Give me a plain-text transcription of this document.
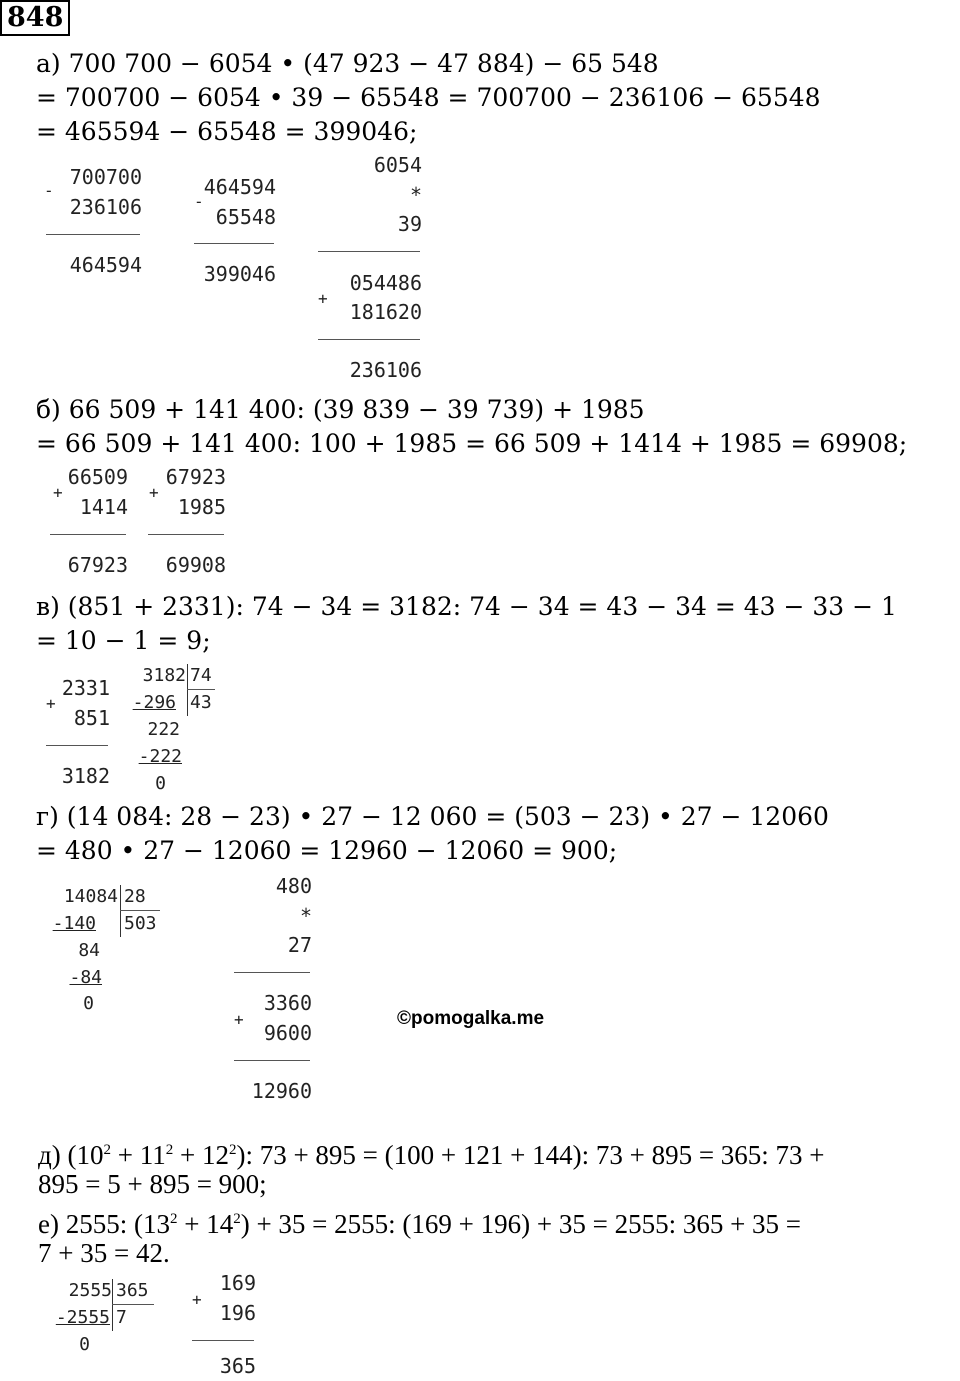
848
а) 700 700 − 6054 • (47 923 − 47 884) − 65 548
= 700700 − 6054 • 39 − 65548 = 700700 − 236106 − 65548
= 465594 − 65548 = 399046;
-
700700
236106
464594
-
464594
65548
399046
6054
*
39
+
054486
181620
236106
б) 66 509 + 141 400: (39 839 − 39 739) + 1985
= 66 509 + 141 400: 100 + 1985 = 66 509 + 1414 + 1985 = 69908;
+
66509
1414
67923
+
67923
1985
69908
в) (851 + 2331): 74 − 34 = 3182: 74 − 34 = 43 − 34 = 43 − 33 − 1
= 10 − 1 = 9;
+
2331
851
3182
3182 74
-296 43
222
-222
0
г) (14 084: 28 − 23) • 27 − 12 060 = (503 − 23) • 27 − 12060
= 480 • 27 − 12060 = 12960 − 12060 = 900;
14084 28
-140 503
84
-84
0
480
*
27
+
3360
9600
12960
©pomogalka.me
д) $(10^2 + 11^2 + 12^2)$: 73 + 895 = (100 + 121 + 144): 73 + 895 = 365: 73 +
895 = 5 + 895 = 900;
е) 2555: $(13^2 + 14^2) + 35 = 2555$: (169 + 196) + 35 = 2555: 365 + 35 =
7 + 35 = 42.
2555 365
-2555 7
0
+
169
196
365
